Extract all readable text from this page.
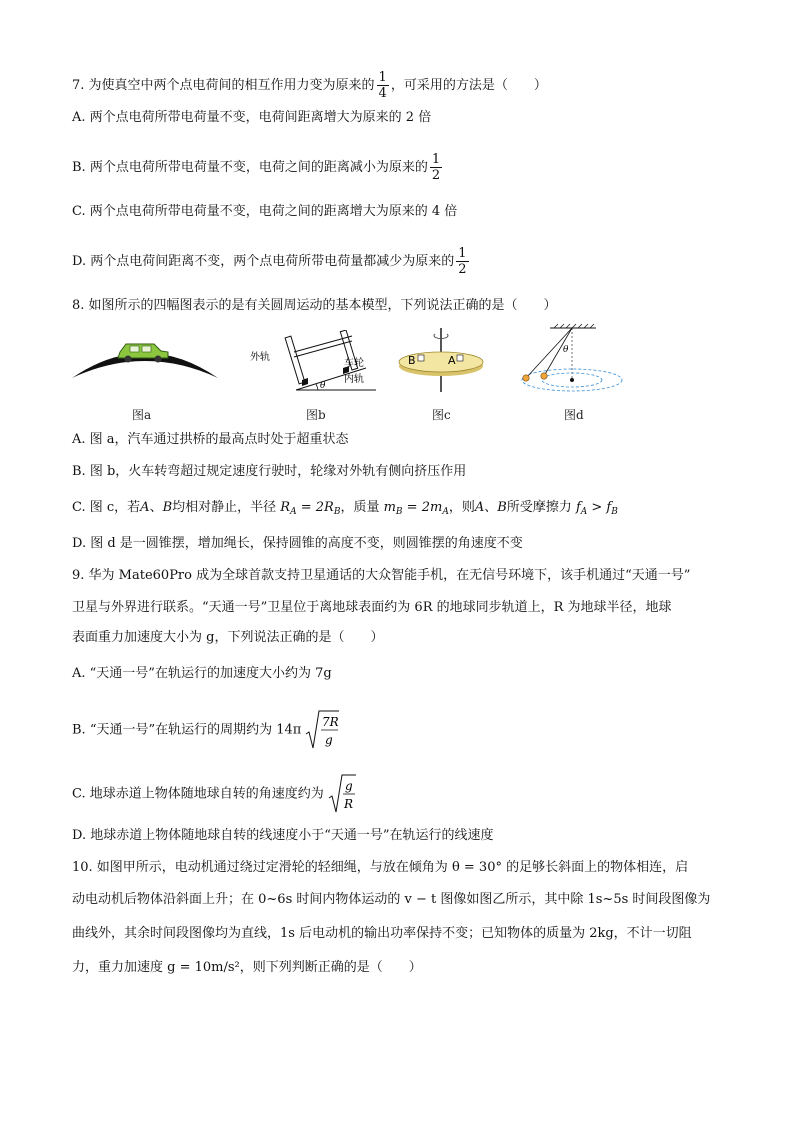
7. 为使真空中两个点电荷间的相互作用力变为原来的 $\frac{1}{4}$ ，可采用的方法是（　　）
A. 两个点电荷所带电荷量不变，电荷间距离增大为原来的 2 倍
B. 两个点电荷所带电荷量不变，电荷之间的距离减小为原来的 $\frac{1}{2}$
C. 两个点电荷所带电荷量不变，电荷之间的距离增大为原来的 4 倍
D. 两个点电荷间距离不变，两个点电荷所带电荷量都减少为原来的 $\frac{1}{2}$
8. 如图所示的四幅图表示的是有关圆周运动的基本模型，下列说法正确的是（　　）
图a
外轨
车轮
内轨
θ
图b
B	A
图c
θ
图d
A. 图 a，汽车通过拱桥的最高点时处于超重状态
B. 图 b，火车转弯超过规定速度行驶时，轮缘对外轨有侧向挤压作用
C. 图 c，若A、B均相对静止，半径 $R_A = 2R_B$，质量 $m_B = 2m_A$，则A、B所受摩擦力 $f_A > f_B$
D. 图 d 是一圆锥摆，增加绳长，保持圆锥的高度不变，则圆锥摆的角速度不变
9. 华为 Mate60Pro 成为全球首款支持卫星通话的大众智能手机，在无信号环境下，该手机通过“天通一号”
卫星与外界进行联系。“天通一号”卫星位于离地球表面约为 6R 的地球同步轨道上，R 为地球半径，地球
表面重力加速度大小为 g，下列说法正确的是（　　）
A. “天通一号”在轨运行的加速度大小约为 7g
B. “天通一号”在轨运行的周期约为 14π
7R
g
C. 地球赤道上物体随地球自转的角速度约为
g
R
D. 地球赤道上物体随地球自转的线速度小于“天通一号”在轨运行的线速度
10. 如图甲所示，电动机通过绕过定滑轮的轻细绳，与放在倾角为 θ = 30° 的足够长斜面上的物体相连，启
动电动机后物体沿斜面上升；在 0~6s 时间内物体运动的 v − t 图像如图乙所示，其中除 1s~5s 时间段图像为
曲线外，其余时间段图像均为直线，1s 后电动机的输出功率保持不变；已知物体的质量为 2kg，不计一切阻
力，重力加速度 g = 10m/s²，则下列判断正确的是（　　）
